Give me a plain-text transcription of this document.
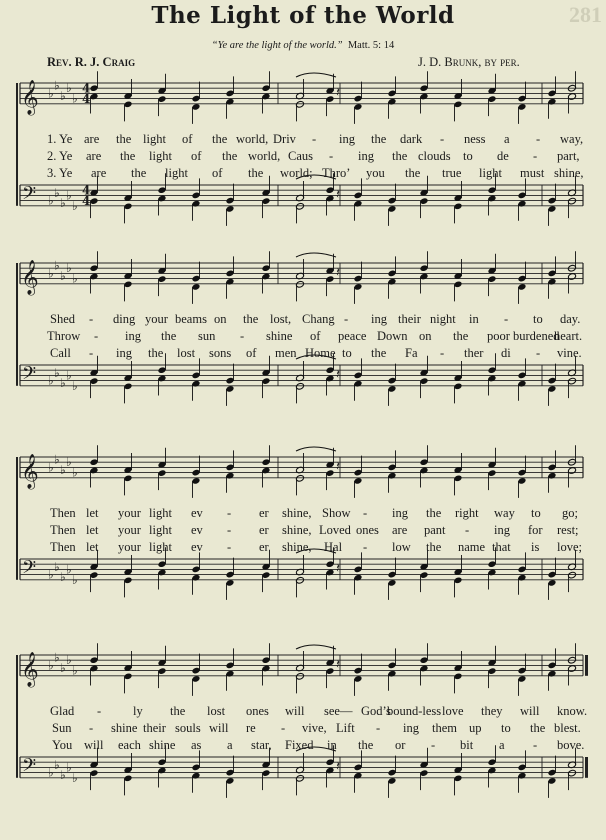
281
The Light of the World
“Ye are the light of the world.” Matt. 5: 14
Rev. R. J. Craig	J. D. Brunk, by per.
𝄞 ♭
♭
♭
♭
♭
4
4	𝄽
𝄢 ♭
♭
♭
♭
♭
4
4	𝄽
𝄞 ♭
♭
♭
♭
♭	𝄽
𝄢 ♭
♭
♭
♭
♭
𝄽
𝄞 ♭
♭
♭
♭
♭	𝄽
𝄢 ♭
♭
♭
♭
♭
𝄽
𝄞 ♭
♭
♭
♭
♭	𝄽
𝄢 ♭
♭
♭
♭
♭
𝄽
1. Ye are the light of the world, Driv - ing the dark - ness a - way,
2. Ye are the light of the world, Caus - ing the clouds to de - part,
3. Ye are the light of the world; Thro’ you the true light must shine,
Shed - ding your beams on the lost, Chang - ing their night in - to day.
Throw - ing the sun - shine of peace Down on the poor burdened
heart.
Call - ing the lost sons of men Home to the Fa - ther di - vine.
Then let your light ev - er shine, Show - ing the right way to go;
Then let your light ev - er shine, Loved ones are pant - ing for rest;
Then let your light ev - er shine, Hal - low the name that is love;
Glad -	ly the lost ones will see— God’s
bound-less love they will know.
Sun - shine their souls will re - vive, Lift - ing them up to the blest.
You will each shine as a star, Fixed in the or - bit a - bove.
